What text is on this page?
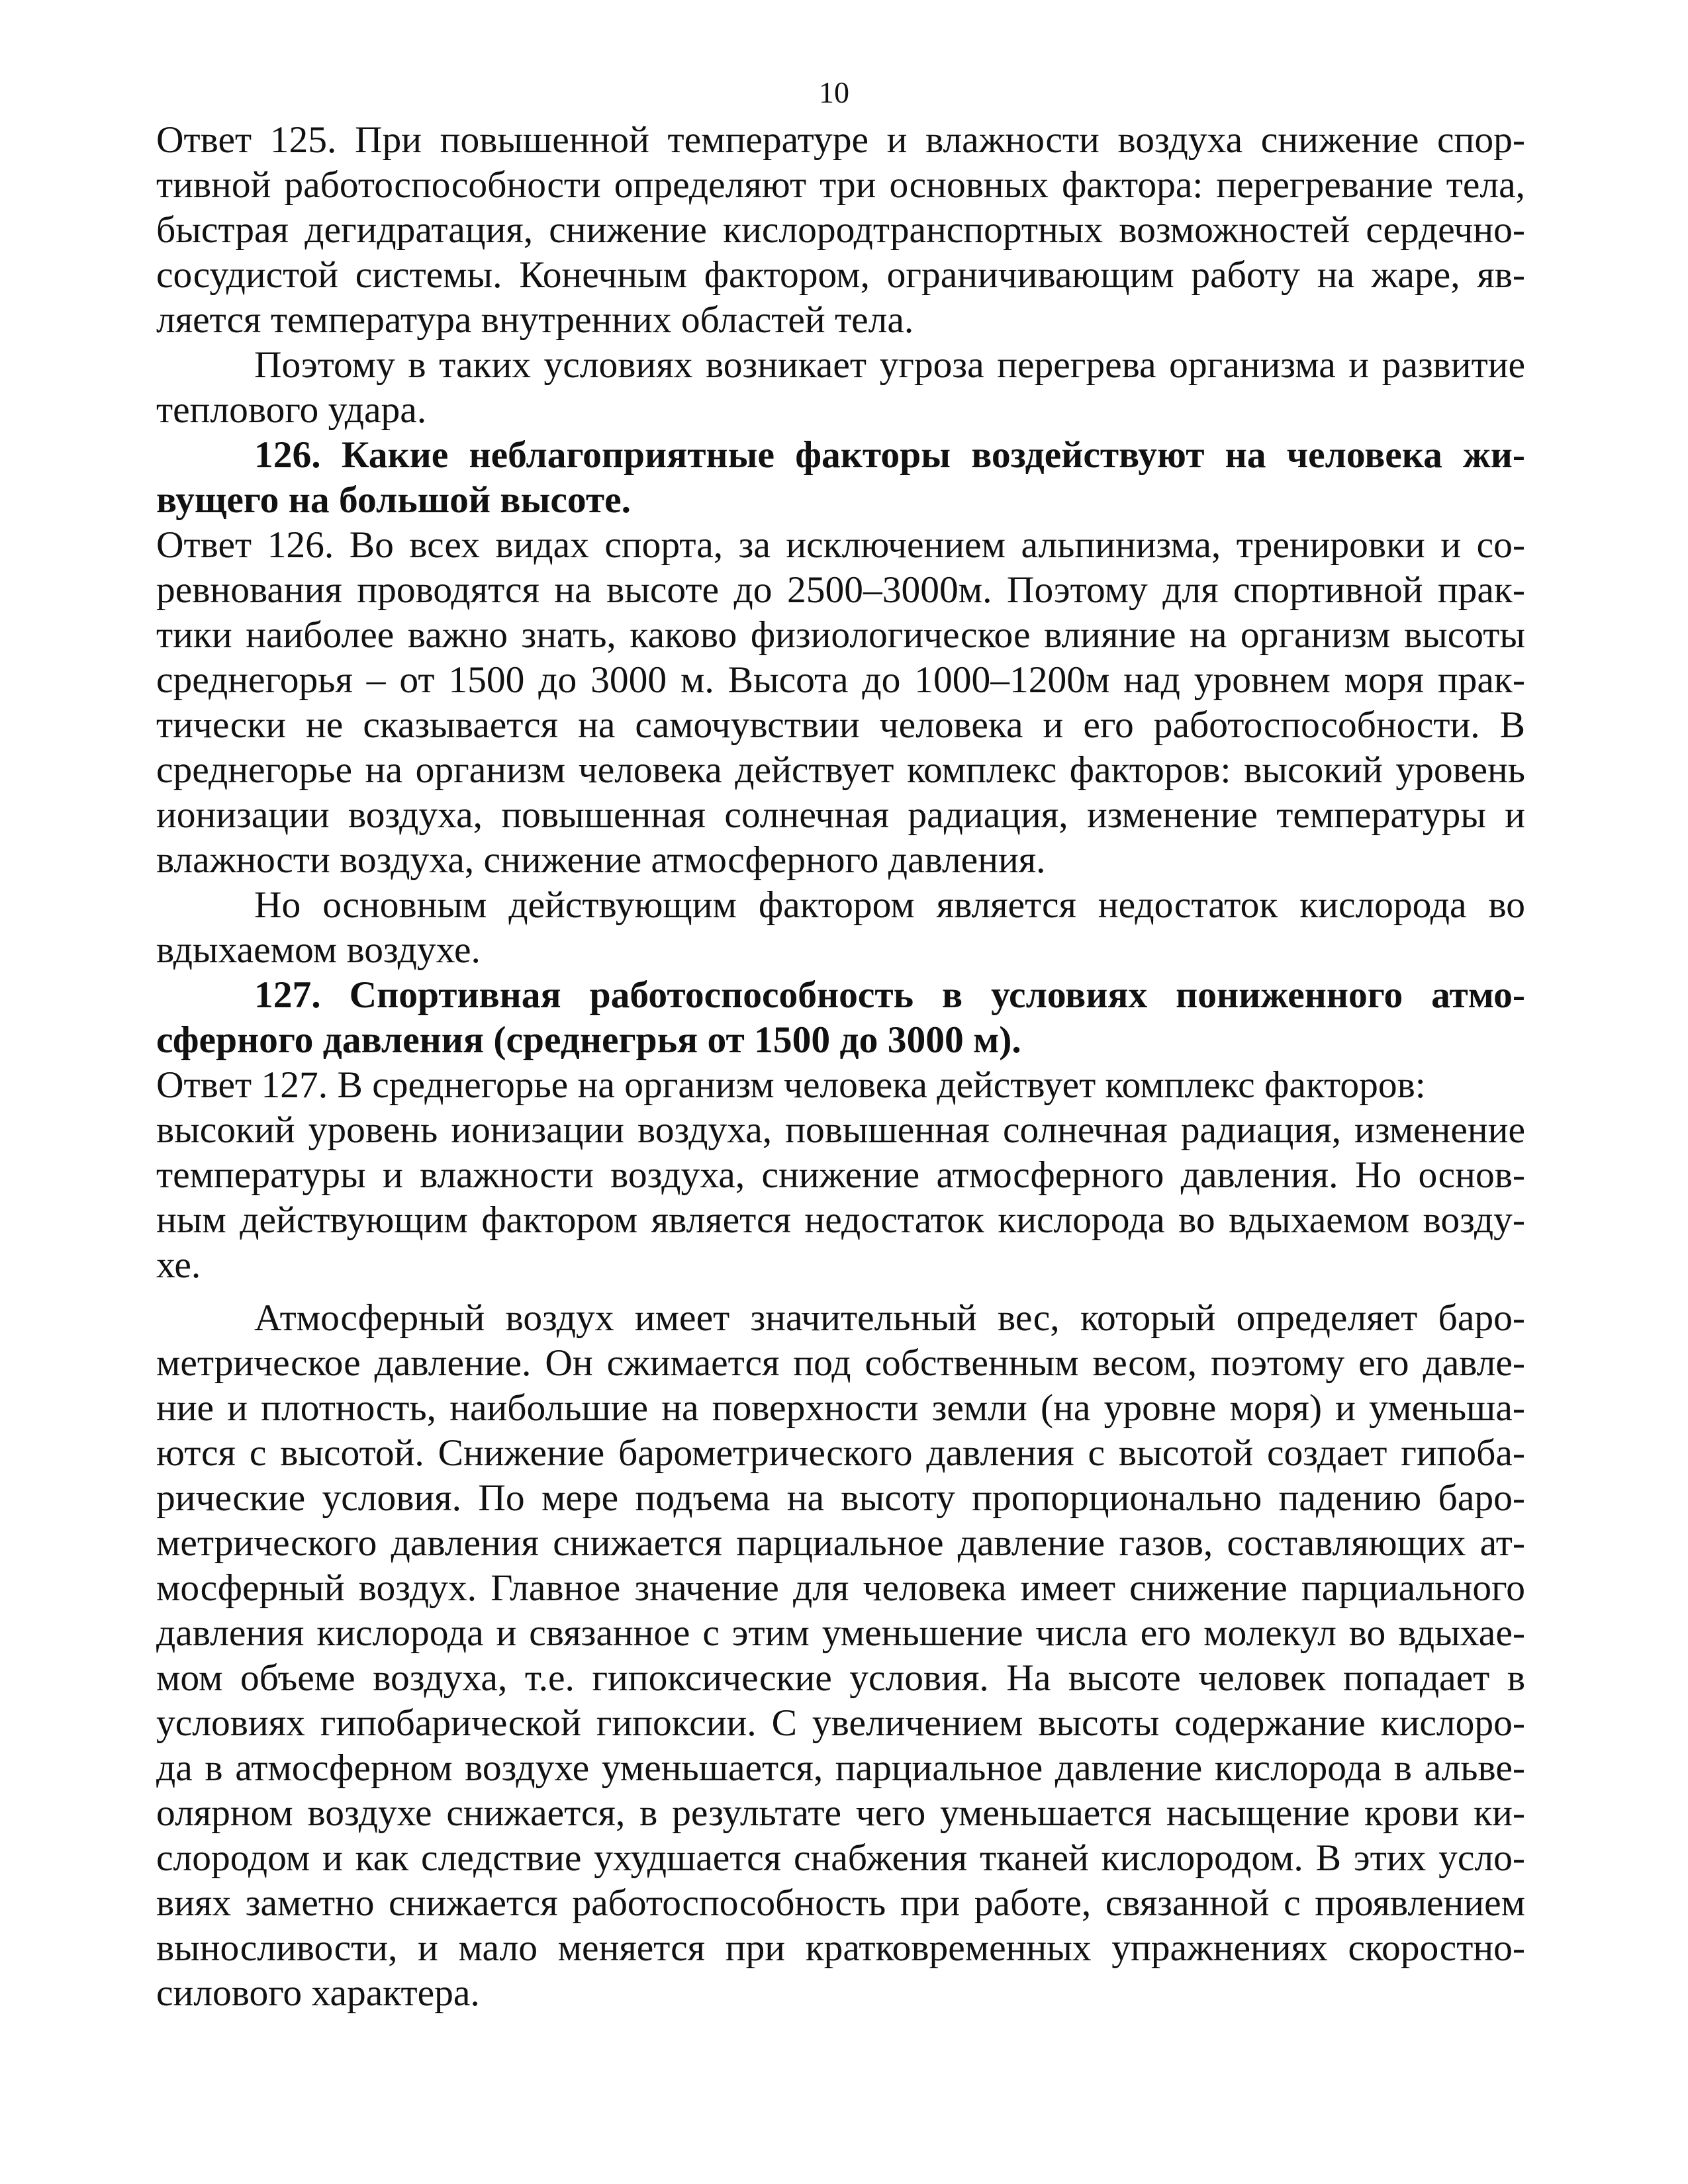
10
Ответ 125. При повышенной температуре и влажности воздуха снижение спор-
тивной работоспособности определяют три основных фактора: перегревание тела,
быстрая дегидратация, снижение кислородтранспортных возможностей сердечно-
сосудистой системы. Конечным фактором, ограничивающим работу на жаре, яв-
ляется температура внутренних областей тела.
Поэтому в таких условиях возникает угроза перегрева организма и развитие
теплового удара.
126. Какие неблагоприятные факторы воздействуют на человека жи-
вущего на большой высоте.
Ответ 126. Во всех видах спорта, за исключением альпинизма, тренировки и со-
ревнования проводятся на высоте до 2500–3000м. Поэтому для спортивной прак-
тики наиболее важно знать, каково физиологическое влияние на организм высоты
среднегорья – от 1500 до 3000 м. Высота до 1000–1200м над уровнем моря прак-
тически не сказывается на самочувствии человека и его работоспособности. В
среднегорье на организм человека действует комплекс факторов: высокий уровень
ионизации воздуха, повышенная солнечная радиация, изменение температуры и
влажности воздуха, снижение атмосферного давления.
Но основным действующим фактором является недостаток кислорода во
вдыхаемом воздухе.
127. Спортивная работоспособность в условиях пониженного атмо-
сферного давления (среднегрья от 1500 до 3000 м).
Ответ 127. В среднегорье на организм человека действует комплекс факторов:
высокий уровень ионизации воздуха, повышенная солнечная радиация, изменение
температуры и влажности воздуха, снижение атмосферного давления. Но основ-
ным действующим фактором является недостаток кислорода во вдыхаемом возду-
хе.
Атмосферный воздух имеет значительный вес, который определяет баро-
метрическое давление. Он сжимается под собственным весом, поэтому его давле-
ние и плотность, наибольшие на поверхности земли (на уровне моря) и уменьша-
ются с высотой. Снижение барометрического давления с высотой создает гипоба-
рические условия. По мере подъема на высоту пропорционально падению баро-
метрического давления снижается парциальное давление газов, составляющих ат-
мосферный воздух. Главное значение для человека имеет снижение парциального
давления кислорода и связанное с этим уменьшение числа его молекул во вдыхае-
мом объеме воздуха, т.е. гипоксические условия. На высоте человек попадает в
условиях гипобарической гипоксии. С увеличением высоты содержание кислоро-
да в атмосферном воздухе уменьшается, парциальное давление кислорода в альве-
олярном воздухе снижается, в результате чего уменьшается насыщение крови ки-
слородом и как следствие ухудшается снабжения тканей кислородом. В этих усло-
виях заметно снижается работоспособность при работе, связанной с проявлением
выносливости, и мало меняется при кратковременных упражнениях скоростно-
силового характера.
